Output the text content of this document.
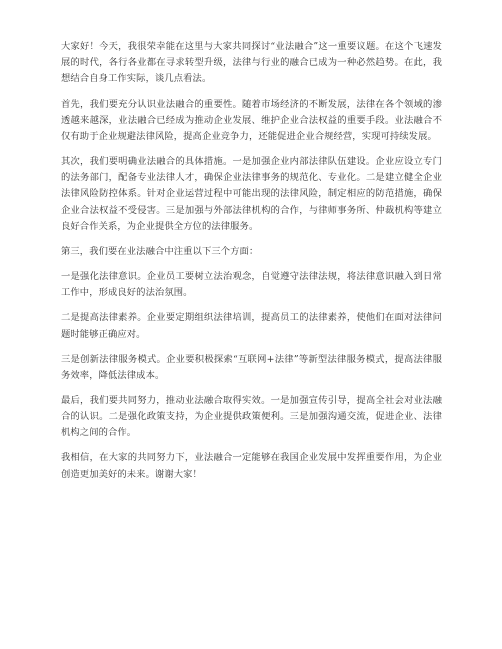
大家好！今天，我很荣幸能在这里与大家共同探讨“业法融合”这一重要议题。在这个飞速发展的时代，各行各业都在寻求转型升级，法律与行业的融合已成为一种必然趋势。在此，我想结合自身工作实际，谈几点看法。

首先，我们要充分认识业法融合的重要性。随着市场经济的不断发展，法律在各个领域的渗透越来越深，业法融合已经成为推动企业发展、维护企业合法权益的重要手段。业法融合不仅有助于企业规避法律风险，提高企业竞争力，还能促进企业合规经营，实现可持续发展。

其次，我们要明确业法融合的具体措施。一是加强企业内部法律队伍建设。企业应设立专门的法务部门，配备专业法律人才，确保企业法律事务的规范化、专业化。二是建立健全企业法律风险防控体系。针对企业运营过程中可能出现的法律风险，制定相应的防范措施，确保企业合法权益不受侵害。三是加强与外部法律机构的合作，与律师事务所、仲裁机构等建立良好合作关系，为企业提供全方位的法律服务。

第三，我们要在业法融合中注重以下三个方面：

一是强化法律意识。企业员工要树立法治观念，自觉遵守法律法规，将法律意识融入到日常工作中，形成良好的法治氛围。

二是提高法律素养。企业要定期组织法律培训，提高员工的法律素养，使他们在面对法律问题时能够正确应对。

三是创新法律服务模式。企业要积极探索“互联网+法律”等新型法律服务模式，提高法律服务效率，降低法律成本。

最后，我们要共同努力，推动业法融合取得实效。一是加强宣传引导，提高全社会对业法融合的认识。二是强化政策支持，为企业提供政策便利。三是加强沟通交流，促进企业、法律机构之间的合作。

我相信，在大家的共同努力下，业法融合一定能够在我国企业发展中发挥重要作用，为企业创造更加美好的未来。谢谢大家！
